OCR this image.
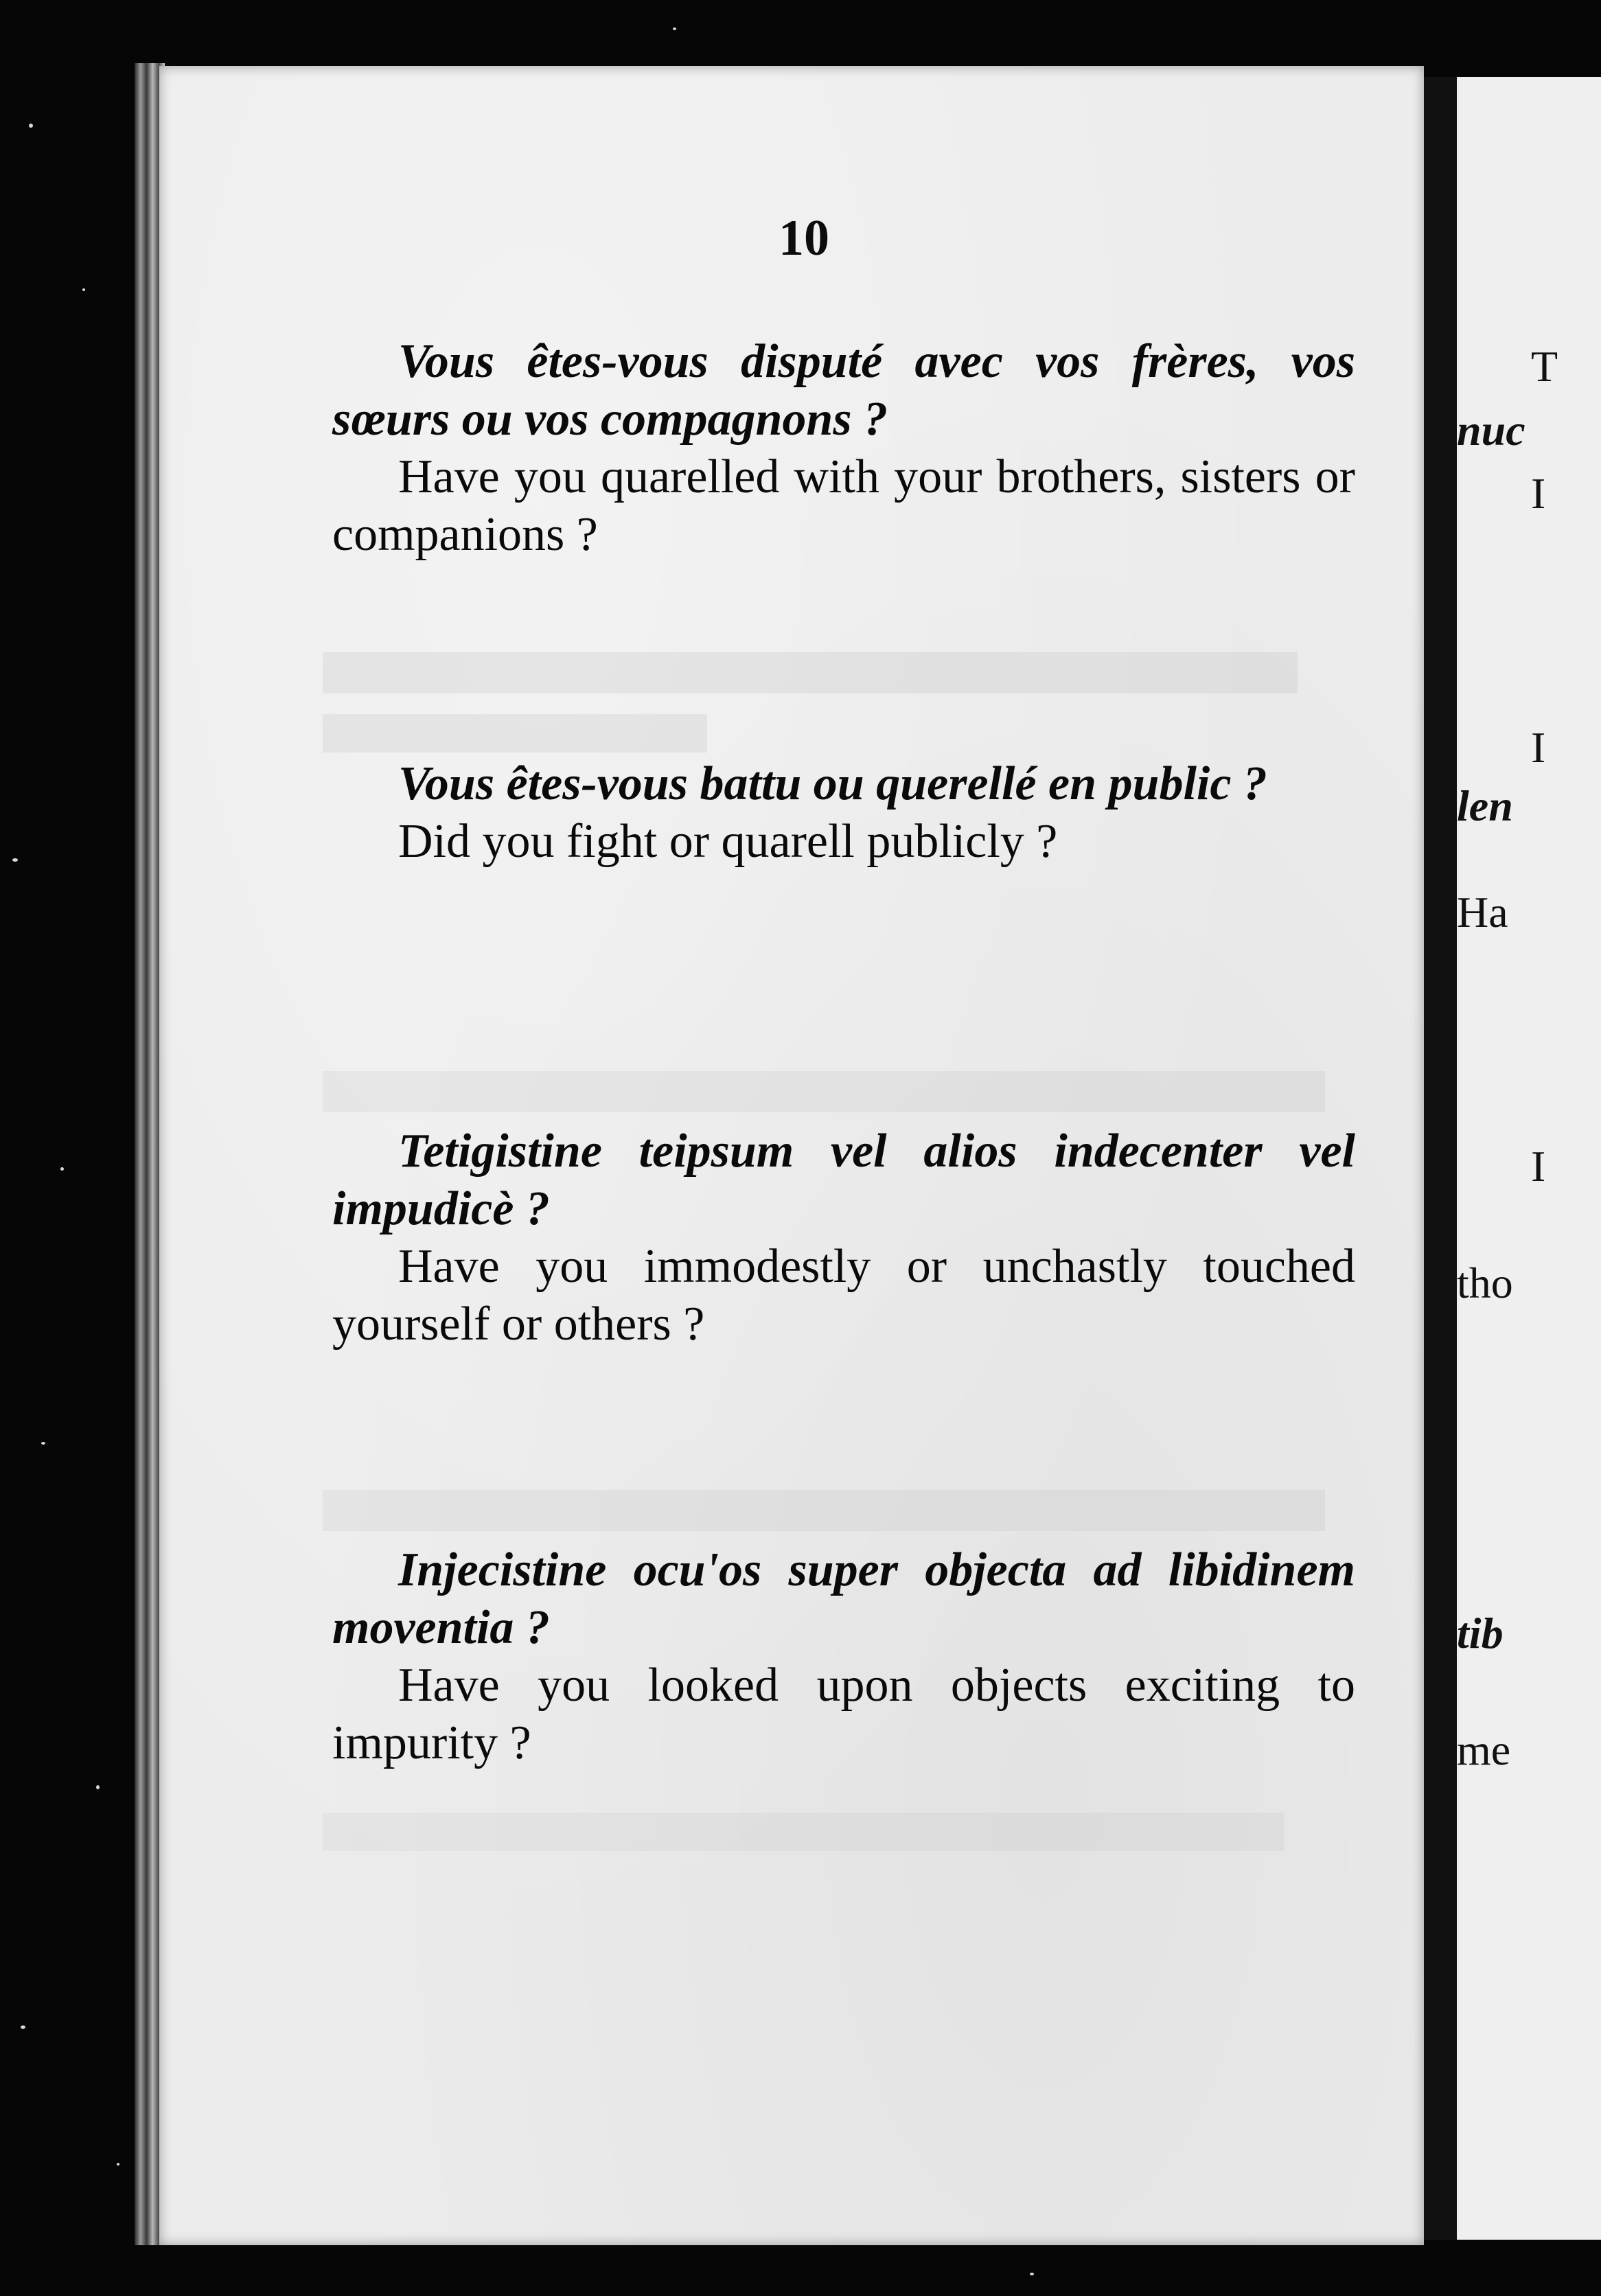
T
nuc
I
I
len
Ha
I
tho
tib
me
10

Vous êtes-vous disputé avec vos frères, vos sœurs ou vos compagnons ?

Have you quarelled with your brothers, sisters or companions ?

Vous êtes-vous battu ou querellé en public ?

Did you fight or quarell publicly ?

Tetigistine teipsum vel alios indecenter vel impudicè ?

Have you immodestly or unchastly touched yourself or others ?

Injecistine ocu'os super objecta ad libidinem moventia ?

Have you looked upon objects exciting to impurity ?
